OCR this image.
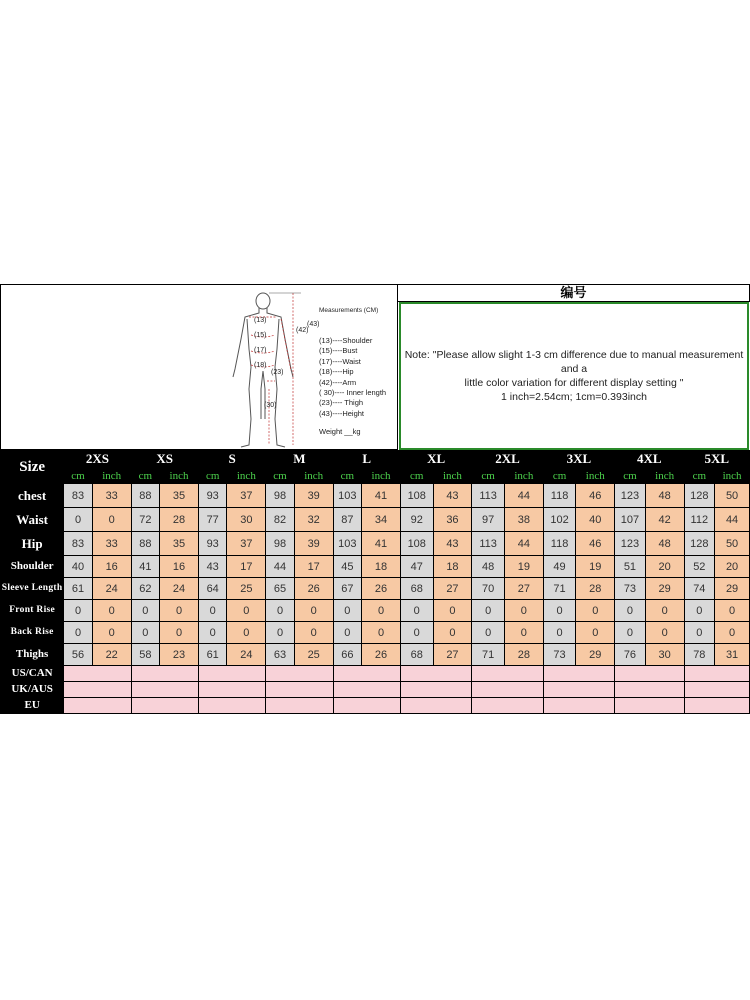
(13)
(15)
(17)
(18)
(23)
(30)
(42)
(43)
Measurements (CM)
(13)----Shoulder
(15)----Bust
(17)----Waist
(18)----Hip
(42)----Arm
( 30)---- Inner length
(23)---- Thigh
(43)----Height
Weight __kg
编号
Note: "Please allow slight 1-3 cm difference due to manual measurement and a
little color variation for different display setting "
1 inch=2.54cm; 1cm=0.393inch
Size	2XS		XS		S		M		L		XL		2XL		3XL		4XL		5XL	
	cm	inch	cm	inch	cm	inch	cm	inch	cm	inch	cm	inch	cm	inch	cm	inch	cm	inch	cm	inch
chest	83	33	88	35	93	37	98	39	103	41	108	43	113	44	118	46	123	48	128	50
Waist	0	0	72	28	77	30	82	32	87	34	92	36	97	38	102	40	107	42	112	44
Hip	83	33	88	35	93	37	98	39	103	41	108	43	113	44	118	46	123	48	128	50
Shoulder	40	16	41	16	43	17	44	17	45	18	47	18	48	19	49	19	51	20	52	20
Sleeve Length	61	24	62	24	64	25	65	26	67	26	68	27	70	27	71	28	73	29	74	29
Front Rise	0	0	0	0	0	0	0	0	0	0	0	0	0	0	0	0	0	0	0	0
Back Rise	0	0	0	0	0	0	0	0	0	0	0	0	0	0	0	0	0	0	0	0
Thighs	56	22	58	23	61	24	63	25	66	26	68	27	71	28	73	29	76	30	78	31
US/CAN																				
UK/AUS																				
EU																				
